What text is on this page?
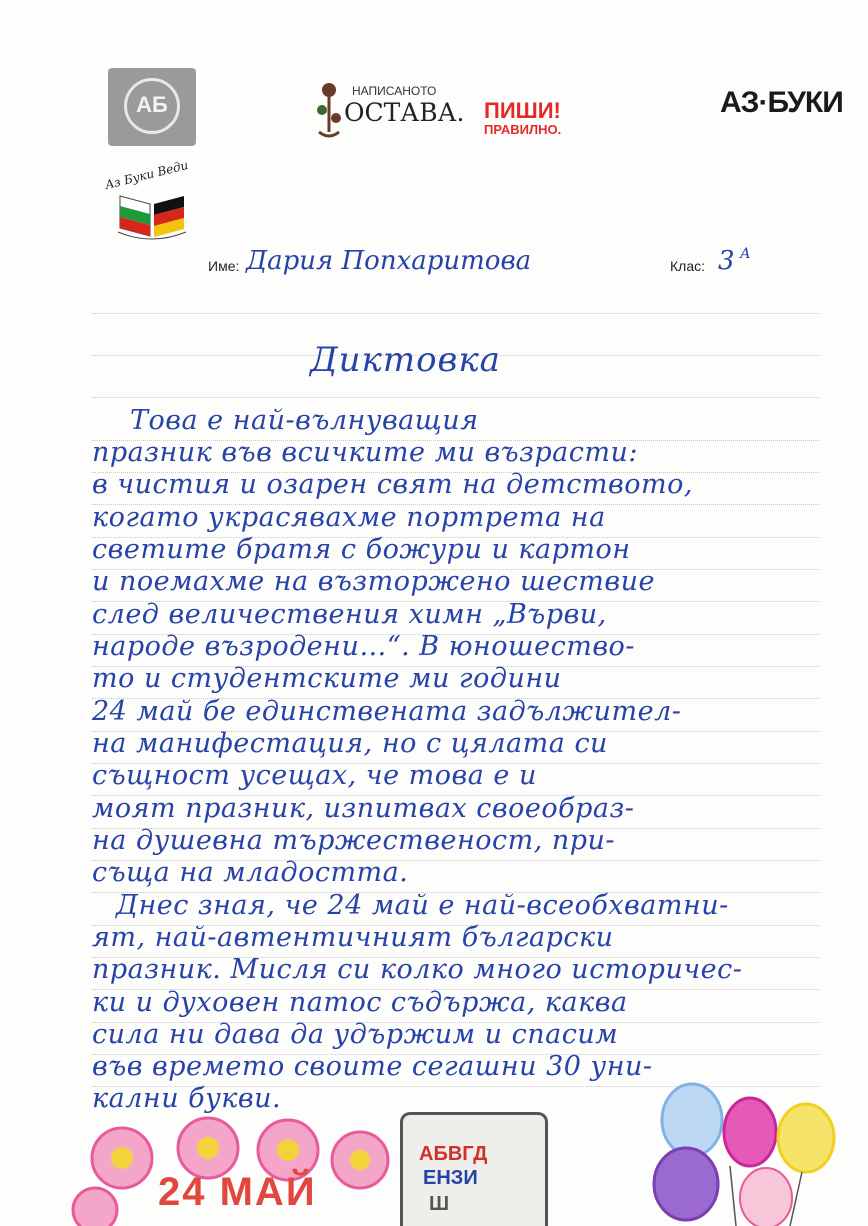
АБ
НАПИСАНОТО
ОСТАВА. ПИШИ!
ПРАВИЛНО.
АЗ·БУКИ
Аз Буки Веди
Име: Дария Попхаритова	Клас: 3 А
Диктовка
Това е най-вълнуващия
празник във всичките ми възрасти:
в чистия и озарен свят на детството,
когато украсявахме портрета на
светите братя с божури и картон
и поемахме на възторжено шествие
след величествения химн „Върви,
народе възродени…“. В юношество-
то и студентските ми години
24 май бе единствената задължител-
на манифестация, но с цялата си
същност усещах, че това е и
моят празник, изпитвах своеобраз-
на душевна тържественост, при-
съща на младостта.
Днес зная, че 24 май е най-всеобхватни-
ят, най-автентичният български
празник. Мисля си колко много историчес-
ки и духовен патос съдържа, каква
сила ни дава да удържим и спасим
във времето своите сегашни 30 уни-
кални букви.
24 МАЙ
АБВГД
ЕНЗИ
Ш
